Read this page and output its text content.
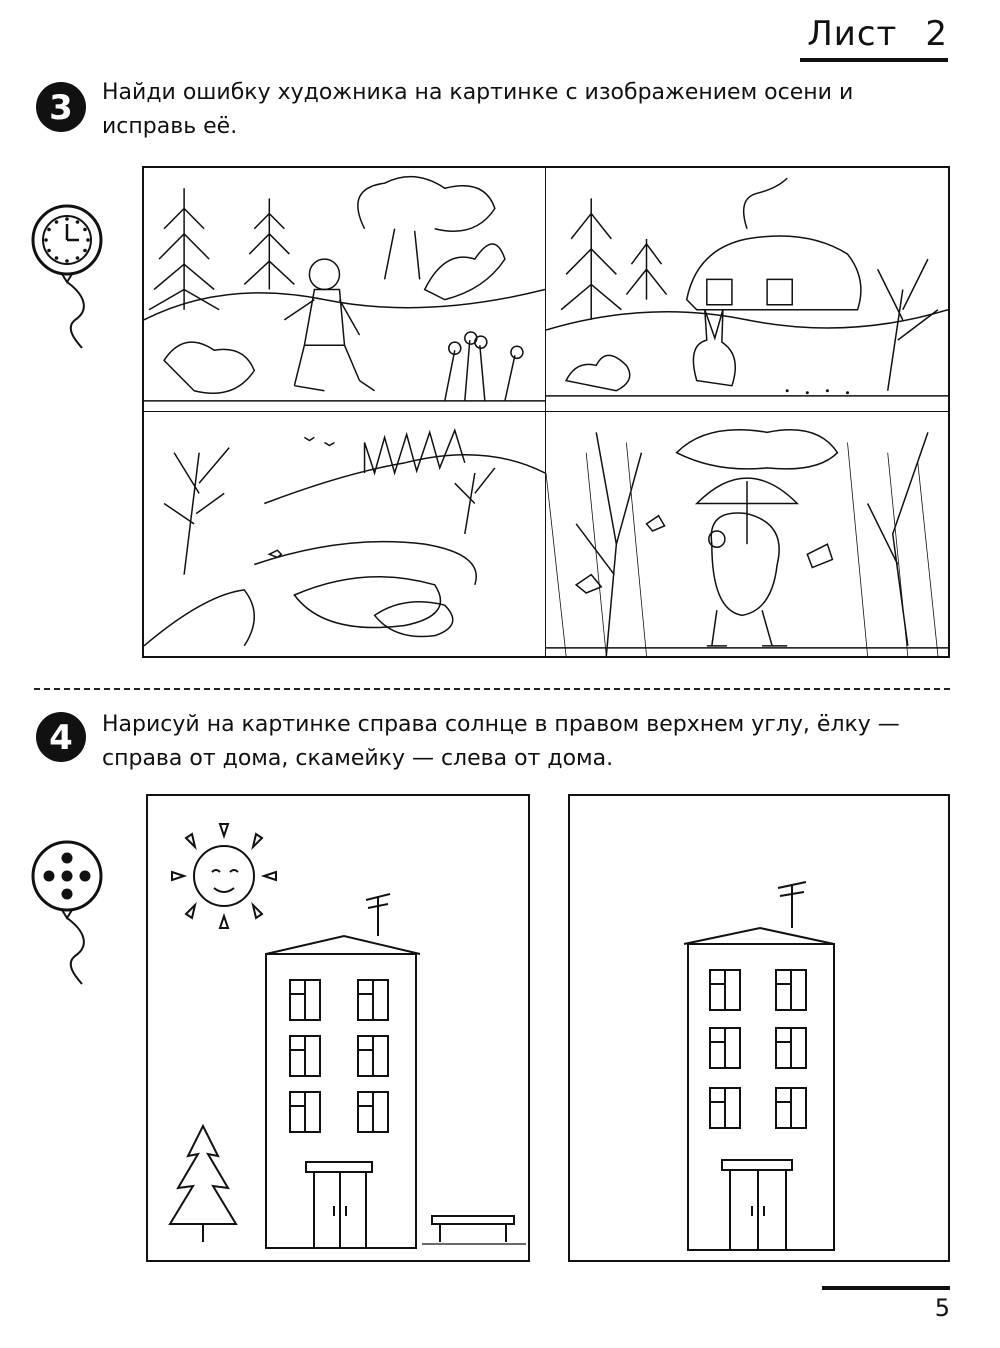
Лист 2
3	Найди ошибку художника на картинке с изображением осени и исправь её.
4	Нарисуй на картинке справа солнце в правом верхнем углу, ёлку — справа от дома, скамейку — слева от дома.
5
